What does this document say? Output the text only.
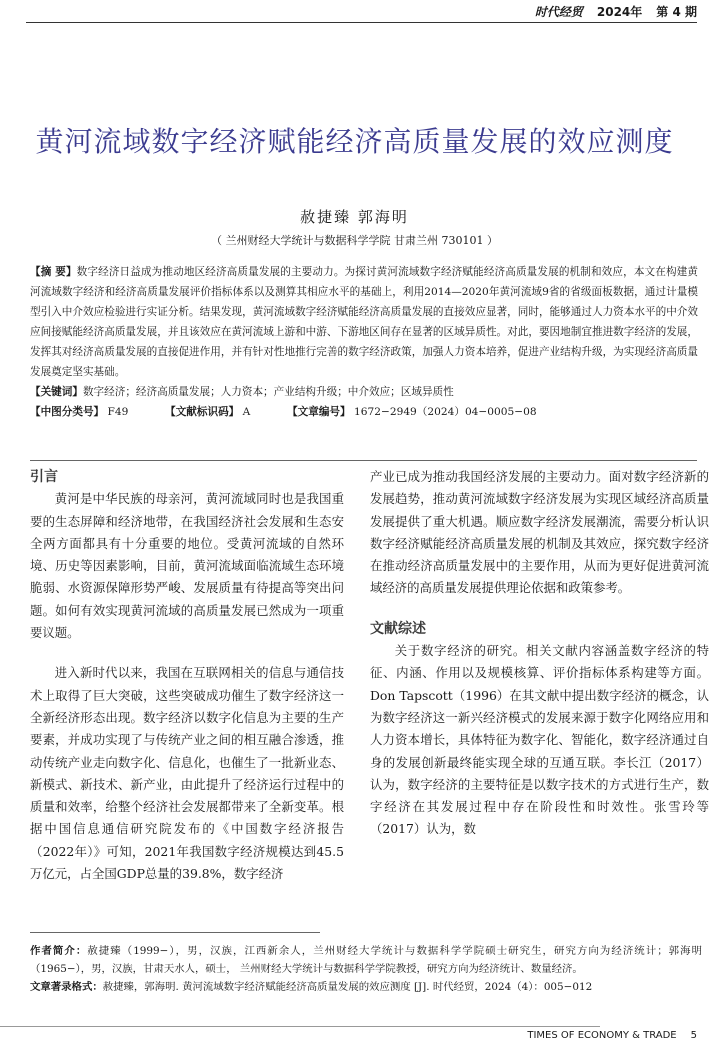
时代经贸 2024年 第 4 期
黄河流域数字经济赋能经济高质量发展的效应测度
赦捷臻 郭海明
（ 兰州财经大学统计与数据科学学院 甘肃兰州 730101 ）

【摘 要】数字经济日益成为推动地区经济高质量发展的主要动力。为探讨黄河流域数字经济赋能经济高质量发展的机制和效应，本文在构建黄河流域数字经济和经济高质量发展评价指标体系以及测算其相应水平的基础上，利用2014—2020年黄河流域9省的省级面板数据，通过计量模型引入中介效应检验进行实证分析。结果发现，黄河流域数字经济赋能经济高质量发展的直接效应显著，同时，能够通过人力资本水平的中介效应间接赋能经济高质量发展，并且该效应在黄河流域上游和中游、下游地区间存在显著的区域异质性。对此，要因地制宜推进数字经济的发展，发挥其对经济高质量发展的直接促进作用，并有针对性地推行完善的数字经济政策，加强人力资本培养，促进产业结构升级，为实现经济高质量发展奠定坚实基础。

【关键词】数字经济；经济高质量发展；人力资本；产业结构升级；中介效应；区域异质性

【中图分类号】 F49	【文献标识码】 A	【文章编号】 1672−2949（2024）04−0005−08

引言

黄河是中华民族的母亲河，黄河流域同时也是我国重要的生态屏障和经济地带，在我国经济社会发展和生态安全两方面都具有十分重要的地位。受黄河流域的自然环境、历史等因素影响，目前，黄河流域面临流域生态环境脆弱、水资源保障形势严峻、发展质量有待提高等突出问题。如何有效实现黄河流域的高质量发展已然成为一项重要议题。

进入新时代以来，我国在互联网相关的信息与通信技术上取得了巨大突破，这些突破成功催生了数字经济这一全新经济形态出现。数字经济以数字化信息为主要的生产要素，并成功实现了与传统产业之间的相互融合渗透，推动传统产业走向数字化、信息化，也催生了一批新业态、新模式、新技术、新产业，由此提升了经济运行过程中的质量和效率，给整个经济社会发展都带来了全新变革。根据中国信息通信研究院发布的《中国数字经济报告（2022年）》可知，2021年我国数字经济规模达到45.5万亿元，占全国GDP总量的39.8%，数字经济

产业已成为推动我国经济发展的主要动力。面对数字经济新的发展趋势，推动黄河流域数字经济发展为实现区域经济高质量发展提供了重大机遇。顺应数字经济发展潮流，需要分析认识数字经济赋能经济高质量发展的机制及其效应，探究数字经济在推动经济高质量发展中的主要作用，从而为更好促进黄河流域经济的高质量发展提供理论依据和政策参考。

文献综述

关于数字经济的研究。相关文献内容涵盖数字经济的特征、内涵、作用以及规模核算、评价指标体系构建等方面。Don Tapscott（1996）在其文献中提出数字经济的概念，认为数字经济这一新兴经济模式的发展来源于数字化网络应用和人力资本增长，具体特征为数字化、智能化，数字经济通过自身的发展创新最终能实现全球的互通互联。李长江（2017）认为，数字经济的主要特征是以数字技术的方式进行生产，数字经济在其发展过程中存在阶段性和时效性。张雪玲等（2017）认为，数

作者简介：赦捷臻（1999−），男，汉族，江西新余人，兰州财经大学统计与数据科学学院硕士研究生，研究方向为经济统计；郭海明（1965−），男，汉族，甘肃天水人，硕士， 兰州财经大学统计与数据科学学院教授，研究方向为经济统计、数量经济。

文章著录格式：赦捷臻，郭海明. 黄河流域数字经济赋能经济高质量发展的效应测度 [J]. 时代经贸，2024（4）：005−012

TIMES OF ECONOMY & TRADE 5
